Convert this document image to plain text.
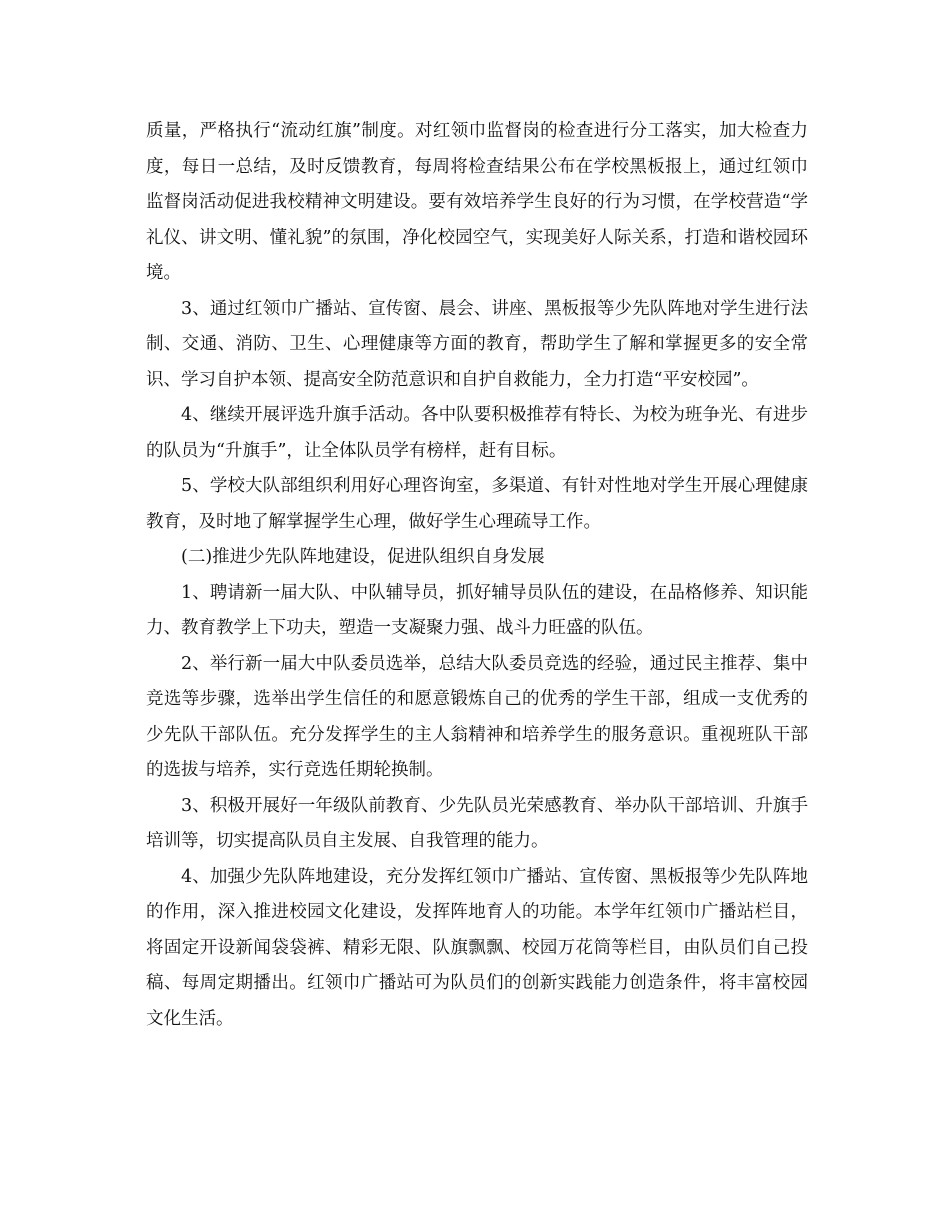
质量，严格执行“流动红旗”制度。对红领巾监督岗的检查进行分工落实，加大检查力度，每日一总结，及时反馈教育，每周将检查结果公布在学校黑板报上，通过红领巾监督岗活动促进我校精神文明建设。要有效培养学生良好的行为习惯，在学校营造“学礼仪、讲文明、懂礼貌”的氛围，净化校园空气，实现美好人际关系，打造和谐校园环境。

3、通过红领巾广播站、宣传窗、晨会、讲座、黑板报等少先队阵地对学生进行法制、交通、消防、卫生、心理健康等方面的教育，帮助学生了解和掌握更多的安全常识、学习自护本领、提高安全防范意识和自护自救能力，全力打造“平安校园”。

4、继续开展评选升旗手活动。各中队要积极推荐有特长、为校为班争光、有进步的队员为“升旗手”，让全体队员学有榜样，赶有目标。

5、学校大队部组织利用好心理咨询室，多渠道、有针对性地对学生开展心理健康教育，及时地了解掌握学生心理，做好学生心理疏导工作。

(二)推进少先队阵地建设，促进队组织自身发展

1、聘请新一届大队、中队辅导员，抓好辅导员队伍的建设，在品格修养、知识能力、教育教学上下功夫，塑造一支凝聚力强、战斗力旺盛的队伍。

2、举行新一届大中队委员选举，总结大队委员竞选的经验，通过民主推荐、集中竞选等步骤，选举出学生信任的和愿意锻炼自己的优秀的学生干部，组成一支优秀的少先队干部队伍。充分发挥学生的主人翁精神和培养学生的服务意识。重视班队干部的选拔与培养，实行竞选任期轮换制。

3、积极开展好一年级队前教育、少先队员光荣感教育、举办队干部培训、升旗手培训等，切实提高队员自主发展、自我管理的能力。

4、加强少先队阵地建设，充分发挥红领巾广播站、宣传窗、黑板报等少先队阵地的作用，深入推进校园文化建设，发挥阵地育人的功能。本学年红领巾广播站栏目，将固定开设新闻袋袋裤、精彩无限、队旗飘飘、校园万花筒等栏目，由队员们自己投稿、每周定期播出。红领巾广播站可为队员们的创新实践能力创造条件，将丰富校园文化生活。
